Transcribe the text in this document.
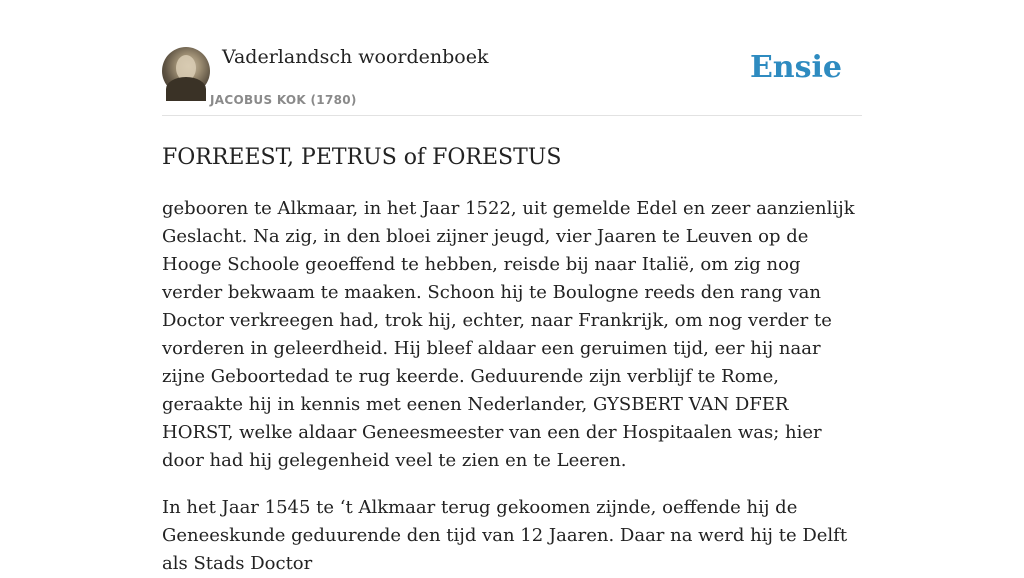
Vaderlandsch woordenboek
JACOBUS KOK (1780)
Ensie
FORREEST, PETRUS of FORESTUS

gebooren te Alkmaar, in het Jaar 1522, uit gemelde Edel en zeer aanzienlijk Geslacht. Na zig, in den bloei zijner jeugd, vier Jaaren te Leuven op de Hooge Schoole geoeffend te hebben, reisde bij naar Italië, om zig nog verder bekwaam te maaken. Schoon hij te Boulogne reeds den rang van Doctor verkreegen had, trok hij, echter, naar Frankrijk, om nog verder te vorderen in geleerdheid. Hij bleef aldaar een geruimen tijd, eer hij naar zijne Geboortedad te rug keerde. Geduurende zijn verblijf te Rome, geraakte hij in kennis met eenen Nederlander, GYSBERT VAN DFER HORST, welke aldaar Geneesmeester van een der Hospitaalen was; hier door had hij gelegenheid veel te zien en te Leeren.

In het Jaar 1545 te ‘t Alkmaar terug gekoomen zijnde, oeffende hij de Geneeskunde geduurende den tijd van 12 Jaaren. Daar na werd hij te Delft als Stads Doctor
